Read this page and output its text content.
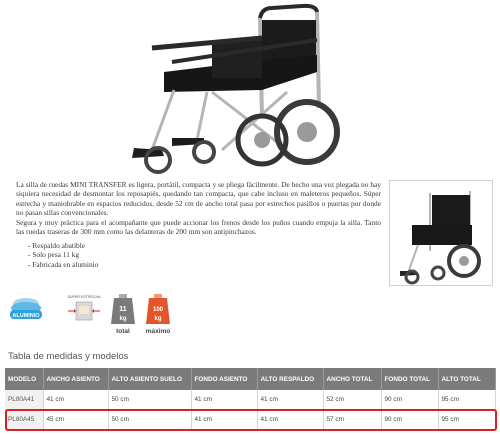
La silla de ruedas MINI TRANSFER es ligera, portátil, compacta y se pliega fácilmente. De hecho una vez plegada no hay siquiera necesidad de desmontar los reposapiés, quedando tan compacta, que cabe incluso en maleteros pequeños. Súper estrecha y maniobrable en espacios reducidos, desde 52 cm de ancho total pasa por estrechos pasillos o puertas por donde no pasan sillas convencionales.

Segura y muy práctica para el acompañante que puede accionar los frenos desde los puños cuando empuja la silla. Tanto las ruedas traseras de 300 mm como las delanteras de 200 mm son antipinchazos.

- Respaldo abatible
- Solo pesa 11 kg
- Fabricada en aluminio
ALUMINIO
SUPER ESTRECHA
11
kg
total
100
kg
máximo
Tabla de medidas y modelos
MODELO	ANCHO ASIENTO	ALTO ASIENTO SUELO	FONDO ASIENTO	ALTO RESPALDO	ANCHO TOTAL	FONDO TOTAL	ALTO TOTAL
PL80A41	41 cm	50 cm	41 cm	41 cm	52 cm	90 cm	95 cm
PL80A45	45 cm	50 cm	41 cm	41 cm	57 cm	90 cm	95 cm
